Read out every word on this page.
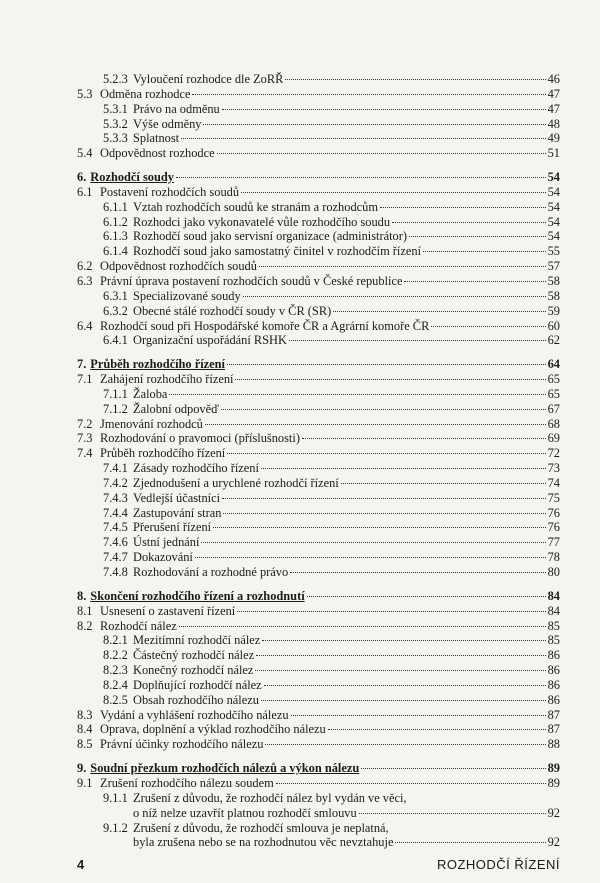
5.2.3 Vyloučení rozhodce dle ZoRŘ	46
5.3 Odměna rozhodce	47
5.3.1 Právo na odměnu	47
5.3.2 Výše odměny	48
5.3.3 Splatnost	49
5.4 Odpovědnost rozhodce	51
6. Rozhodčí soudy	54
6.1 Postavení rozhodčích soudů	54
6.1.1 Vztah rozhodčích soudů ke stranám a rozhodcům	54
6.1.2 Rozhodci jako vykonavatelé vůle rozhodčího soudu	54
6.1.3 Rozhodčí soud jako servisní organizace (administrátor)	54
6.1.4 Rozhodčí soud jako samostatný činitel v rozhodčím řízení	55
6.2 Odpovědnost rozhodčích soudů	57
6.3 Právní úprava postavení rozhodčích soudů v České republice	58
6.3.1 Specializované soudy	58
6.3.2 Obecné stálé rozhodčí soudy v ČR (SR)	59
6.4 Rozhodčí soud při Hospodářské komoře ČR a Agrární komoře ČR	60
6.4.1 Organizační uspořádání RSHK	62
7. Průběh rozhodčího řízení	64
7.1 Zahájení rozhodčího řízení	65
7.1.1 Žaloba	65
7.1.2 Žalobní odpověď	67
7.2 Jmenování rozhodců	68
7.3 Rozhodování o pravomoci (příslušnosti)	69
7.4 Průběh rozhodčího řízení	72
7.4.1 Zásady rozhodčího řízení	73
7.4.2 Zjednodušení a urychlené rozhodčí řízení	74
7.4.3 Vedlejší účastníci	75
7.4.4 Zastupování stran	76
7.4.5 Přerušení řízení	76
7.4.6 Ústní jednání	77
7.4.7 Dokazování	78
7.4.8 Rozhodování a rozhodné právo	80
8. Skončení rozhodčího řízení a rozhodnutí	84
8.1 Usnesení o zastavení řízení	84
8.2 Rozhodčí nález	85
8.2.1 Mezitímní rozhodčí nález	85
8.2.2 Částečný rozhodčí nález	86
8.2.3 Konečný rozhodčí nález	86
8.2.4 Doplňující rozhodčí nález	86
8.2.5 Obsah rozhodčího nálezu	86
8.3 Vydání a vyhlášení rozhodčího nálezu	87
8.4 Oprava, doplnění a výklad rozhodčího nálezu	87
8.5 Právní účinky rozhodčího nálezu	88
9. Soudní přezkum rozhodčích nálezů a výkon nálezu	89
9.1 Zrušení rozhodčího nálezu soudem	89
9.1.1 Zrušení z důvodu, že rozhodčí nález byl vydán ve věci,
o níž nelze uzavřít platnou rozhodčí smlouvu	92
9.1.2 Zrušení z důvodu, že rozhodčí smlouva je neplatná,
byla zrušena nebo se na rozhodnutou věc nevztahuje	92
4	ROZHODČÍ ŘÍZENÍ
